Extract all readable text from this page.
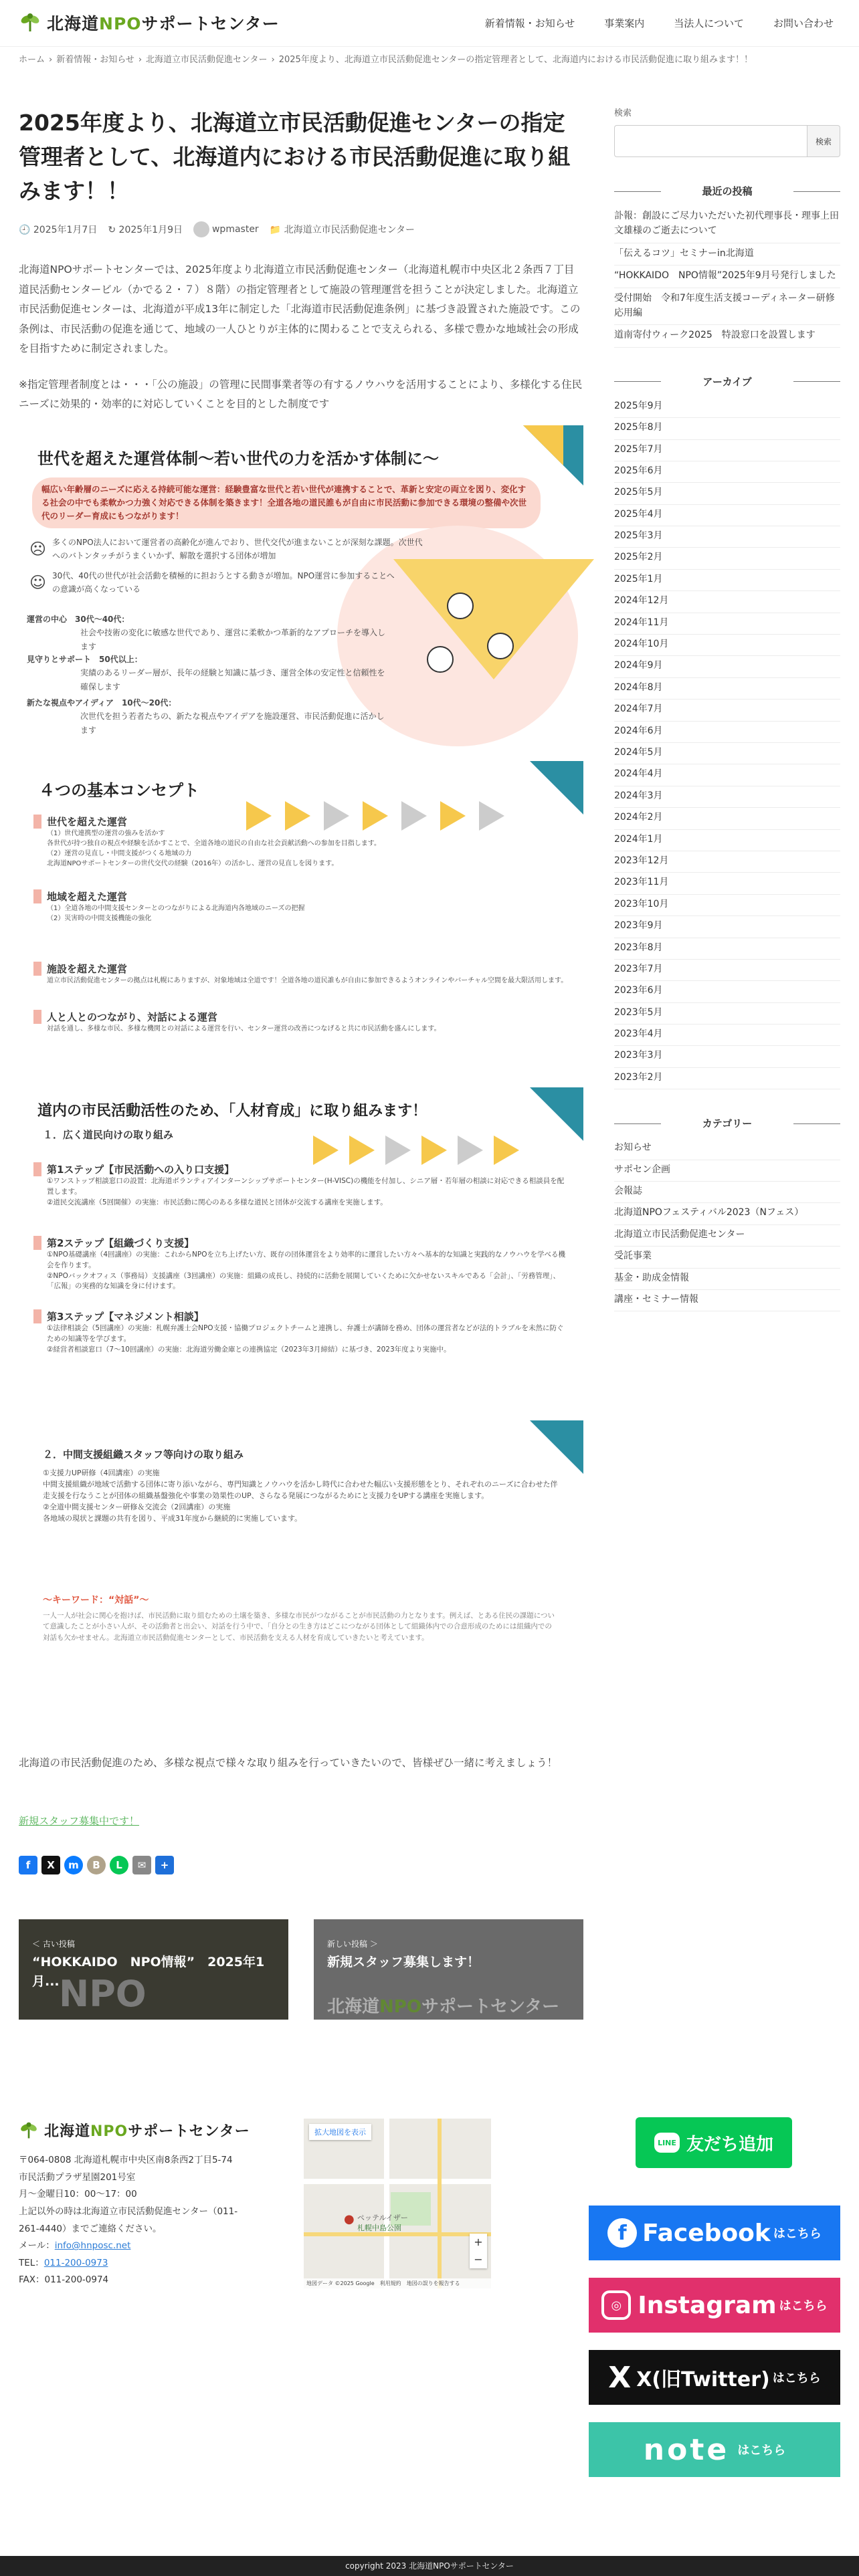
北海道NPOサポートセンター	新着情報・お知らせ	事業案内	当法人について	お問い合わせ
ホーム › 新着情報・お知らせ › 北海道立市民活動促進センター › 2025年度より、北海道立市民活動促進センターの指定管理者として、北海道内における市民活動促進に取り組みます！！
2025年度より、北海道立市民活動促進センターの指定管理者として、北海道内における市民活動促進に取り組みます！！
🕘 2025年1月7日 ↻ 2025年1月9日	wpmaster 📁 北海道立市民活動促進センター

北海道NPOサポートセンターでは、2025年度より北海道立市民活動促進センター（北海道札幌市中央区北２条西７丁目 道民活動センタービル（かでる２・７）８階）の指定管理者として施設の管理運営を担うことが決定しました。北海道立市民活動促進センターは、北海道が平成13年に制定した「北海道市民活動促進条例」に基づき設置された施設です。この条例は、市民活動の促進を通じて、地域の一人ひとりが主体的に関わることで支えられる、多様で豊かな地域社会の形成を目指すために制定されました。

※指定管理者制度とは・・・「公の施設」の管理に民間事業者等の有するノウハウを活用することにより、多様化する住民ニーズに効果的・効率的に対応していくことを目的とした制度です

世代を超えた運営体制〜若い世代の力を活かす体制に〜
幅広い年齢層のニーズに応える持続可能な運営：経験豊富な世代と若い世代が連携することで、革新と安定の両立を図り、変化する社会の中でも柔軟かつ力強く対応できる体制を築きます！全道各地の道民誰もが自由に市民活動に参加できる環境の整備や次世代のリーダー育成にもつながります！
☹ 多くのNPO法人において運営者の高齢化が進んでおり、世代交代が進まないことが深刻な課題。次世代へのバトンタッチがうまくいかず、解散を選択する団体が増加
☺ 30代、40代の世代が社会活動を積極的に担おうとする動きが増加。NPO運営に参加することへの意識が高くなっている
運営の中心　30代〜40代：
社会や技術の変化に敏感な世代であり、運営に柔軟かつ革新的なアプローチを導入します
見守りとサポート　50代以上：
実績のあるリーダー層が、長年の経験と知識に基づき、運営全体の安定性と信頼性を確保します
新たな視点やアイディア　10代〜20代：
次世代を担う若者たちの、新たな視点やアイデアを施設運営、市民活動促進に活かします
４つの基本コンセプト
世代を超えた運営
（1）世代連携型の運営の強みを活かす
各世代が持つ独自の視点や経験を活かすことで、全道各地の道民の自由な社会貢献活動への参加を目指します。
（2）運営の見直し・中間支援がつくる地域の力
北海道NPOサポートセンターの世代交代の経験（2016年）の活かし、運営の見直しを図ります。
地域を超えた運営
（1）全道各地の中間支援センターとのつながりによる北海道内各地域のニーズの把握
（2）災害時の中間支援機能の強化
施設を超えた運営
道立市民活動促進センターの拠点は札幌にありますが、対象地域は全道です！全道各地の道民誰もが自由に参加できるようオンラインやバーチャル空間を最大限活用します。
人と人とのつながり、対話による運営
対話を通し、多様な市民、多様な機関との対話による運営を行い、センター運営の改善につなげると共に市民活動を盛んにします。
道内の市民活動活性のため、「人材育成」に取り組みます！
１．広く道民向けの取り組み
第1ステップ【市民活動への入り口支援】
①ワンストップ相談窓口の設置：北海道ボランティアインターンシップサポートセンター(H-VISC)の機能を付加し、シニア層・若年層の相談に対応できる相談員を配置します。
②道民交流講座（5回開催）の実施：市民活動に関心のある多様な道民と団体が交流する講座を実施します。
第2ステップ【組織づくり支援】
①NPO基礎講座（4回講座）の実施：これからNPOを立ち上げたい方、既存の団体運営をより効率的に運営したい方々へ基本的な知識と実践的なノウハウを学べる機会を作ります。
②NPOバックオフィス（事務局）支援講座（3回講座）の実施：組織の成長し、持続的に活動を展開していくために欠かせないスキルである「会計」、「労務管理」、「広報」の実務的な知識を身に付けます。
第3ステップ【マネジメント相談】
①法律相談会（5回講座）の実施：札幌弁護士会NPO支援・協働プロジェクトチームと連携し、弁護士が講師を務め、団体の運営者などが法的トラブルを未然に防ぐための知識等を学びます。
②経営者相談窓口（7〜10回講座）の実施：北海道労働金庫との連携協定（2023年3月締結）に基づき、2023年度より実施中。
２．中間支援組織スタッフ等向けの取り組み
①支援力UP研修（4回講座）の実施
中間支援組織が地域で活動する団体に寄り添いながら、専門知識とノウハウを活かし時代に合わせた幅広い支援形態をとり、それぞれのニーズに合わせた伴走支援を行なうことが団体の組織基盤強化や事業の効果性のUP、さらなる発展につながるためにと支援力をUPする講座を実施します。
②全道中間支援センター研修＆交流会（2回講座）の実施
各地域の現状と課題の共有を図り、平成31年度から継続的に実施しています。
〜キーワード：“対話”〜
一人一人が社会に関心を抱けば、市民活動に取り組むための土壌を築き、多様な市民がつながることが市民活動の力となります。例えば、とある住民の課題について意識したことが小さい人が、その活動者と出会い、対話を行う中で、「自分との生き方はどこにつながる団体として組織体内での合意形成のためには組織内での対話も欠かせません。北海道立市民活動促進センターとして、市民活動を支える人材を育成していきたいと考えています。

北海道の市民活動促進のため、多様な視点で様々な取り組みを行っていきたいので、皆様ぜひ一緒に考えましょう！

新規スタッフ募集中です！
f	X	m	B	L	✉	+
NPO
＜ 古い投稿
“HOKKAIDO　NPO情報”　2025年1月...
北海道NPOサポートセンター
新しい投稿 ＞
新規スタッフ募集します！
検索
検索
最近の投稿
訃報：創設にご尽力いただいた初代理事長・理事上田文雄様のご逝去について
「伝えるコツ」セミナーin北海道
“HOKKAIDO　NPO情報”2025年9月号発行しました
受付開始　令和7年度生活支援コーディネーター研修応用編
道南寄付ウィーク2025　特設窓口を設置します
アーカイブ
2025年9月
2025年8月
2025年7月
2025年6月
2025年5月
2025年4月
2025年3月
2025年2月
2025年1月
2024年12月
2024年11月
2024年10月
2024年9月
2024年8月
2024年7月
2024年6月
2024年5月
2024年4月
2024年3月
2024年2月
2024年1月
2023年12月
2023年11月
2023年10月
2023年9月
2023年8月
2023年7月
2023年6月
2023年5月
2023年4月
2023年3月
2023年2月
カテゴリー
お知らせ
サポセン企画
会報誌
北海道NPOフェスティバル2023（Nフェス）
北海道立市民活動促進センター
受託事業
基金・助成金情報
講座・セミナー情報
北海道NPOサポートセンター
〒064-0808 北海道札幌市中央区南8条西2丁目5-74
市民活動プラザ星園201号室
月〜金曜日10：00〜17：00
上記以外の時は北海道立市民活動促進センター（011-
261-4440）までご連絡ください。
メール：info@hnposc.net
TEL：011-200-0973
FAX：011-200-0974
拡大地図を表示
● ペッテルイザー
札幌中島公園
+
−
地図データ ©2025 Google　利用規約　地図の誤りを報告する
LINE 友だち追加
f Facebook はこちら
◎ Instagram はこちら
X X(旧Twitter) はこちら
note はこちら
copyright 2023 北海道NPOサポートセンター
